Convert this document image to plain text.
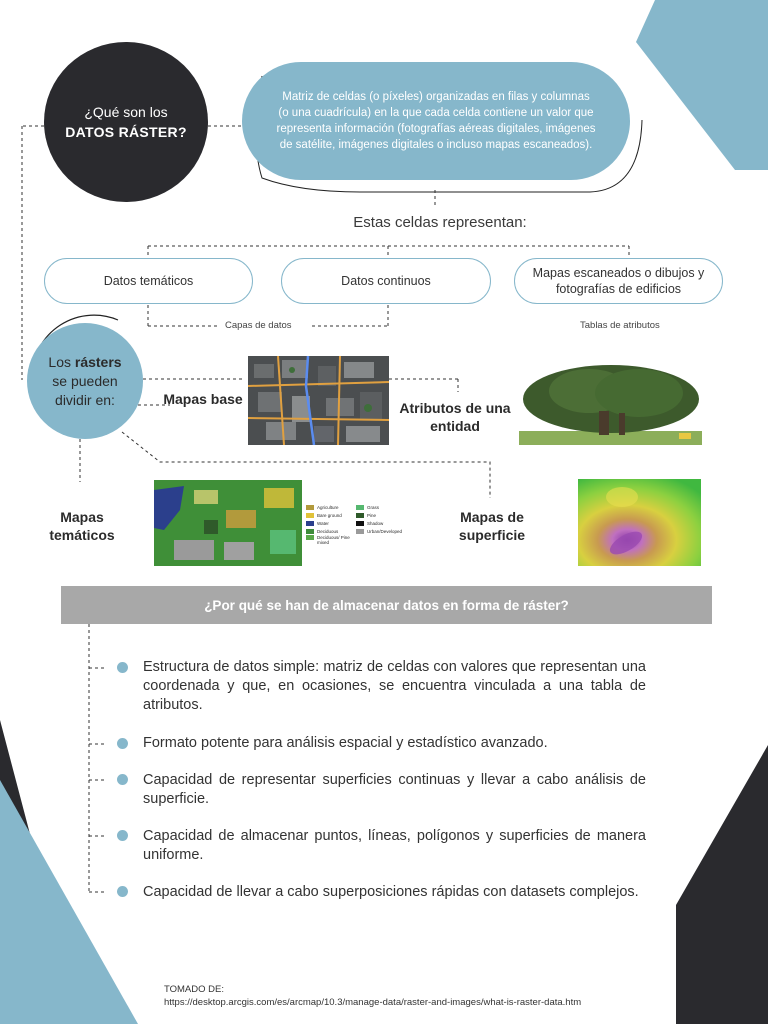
¿Qué son los
DATOS RÁSTER?
Matriz de celdas (o píxeles) organizadas en filas y columnas (o una cuadrícula) en la que cada celda contiene un valor que representa información (fotografías aéreas digitales, imágenes de satélite, imágenes digitales o incluso mapas escaneados).
Estas celdas representan:
Datos temáticos	Datos continuos
Mapas escaneados o dibujos y fotografías de edificios
Capas de datos	Tablas de atributos
Los rásters
se pueden
dividir en:	Mapas base
Atributos de una entidad
Mapas temáticos
Mapas de superficie
Agriculture
Bare ground
Water
Deciduous
Deciduous/ Pine mixed
Grass
Pine
Shadow
Urban/Developed
¿Por qué se han de almacenar datos en forma de ráster?
Estructura de datos simple: matriz de celdas con valores que representan una coordenada y que, en ocasiones, se encuentra vinculada a una tabla de atributos.
Formato potente para análisis espacial y estadístico avanzado.
Capacidad de representar superficies continuas y llevar a cabo análisis de superficie.
Capacidad de almacenar puntos, líneas, polígonos y superficies de manera uniforme.
Capacidad de llevar a cabo superposiciones rápidas con datasets complejos.
TOMADO DE:
https://desktop.arcgis.com/es/arcmap/10.3/manage-data/raster-and-images/what-is-raster-data.htm
